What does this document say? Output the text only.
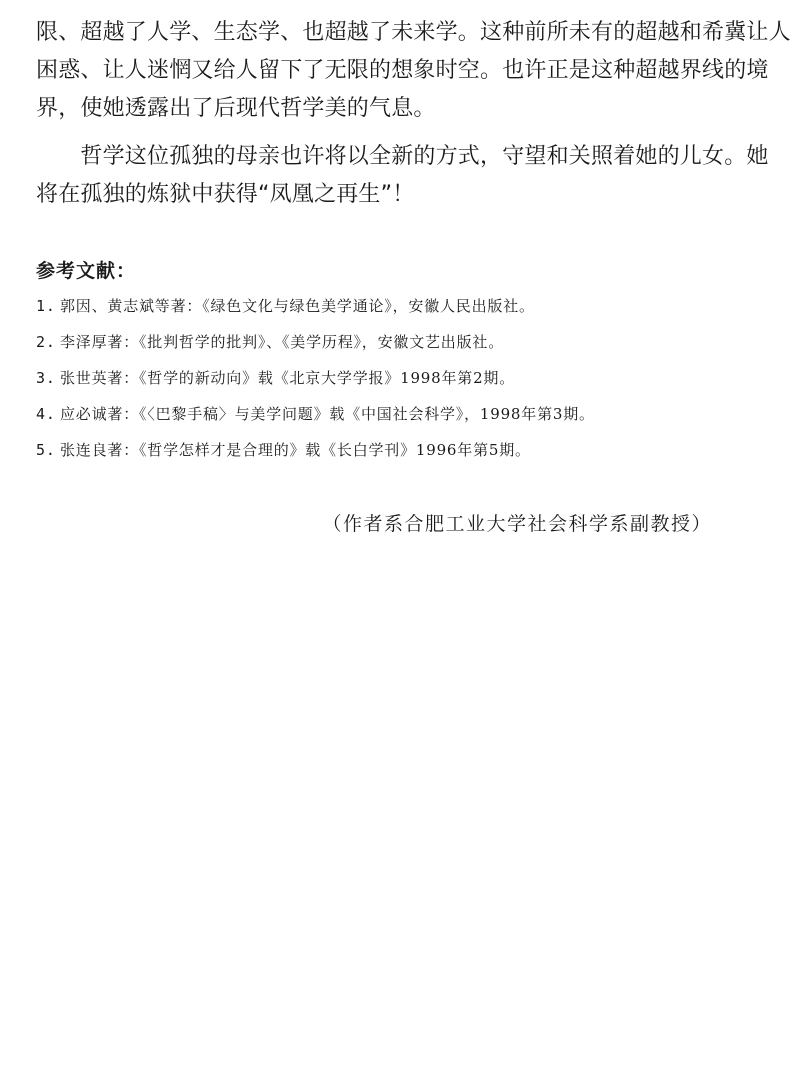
限、超越了人学、生态学、也超越了未来学。这种前所未有的超越和希冀让人

困惑、让人迷惘又给人留下了无限的想象时空。也许正是这种超越界线的境

界，使她透露出了后现代哲学美的气息。

　　哲学这位孤独的母亲也许将以全新的方式，守望和关照着她的儿女。她

将在孤独的炼狱中获得“凤凰之再生”！

参考文献：
1. 郭因、黄志斌等著：《绿色文化与绿色美学通论》，安徽人民出版社。
2. 李泽厚著：《批判哲学的批判》、《美学历程》，安徽文艺出版社。
3. 张世英著：《哲学的新动向》载《北京大学学报》1998年第2期。
4. 应必诚著：《〈巴黎手稿〉与美学问题》载《中国社会科学》，1998年第3期。
5. 张连良著：《哲学怎样才是合理的》载《长白学刊》1996年第5期。

（作者系合肥工业大学社会科学系副教授）
